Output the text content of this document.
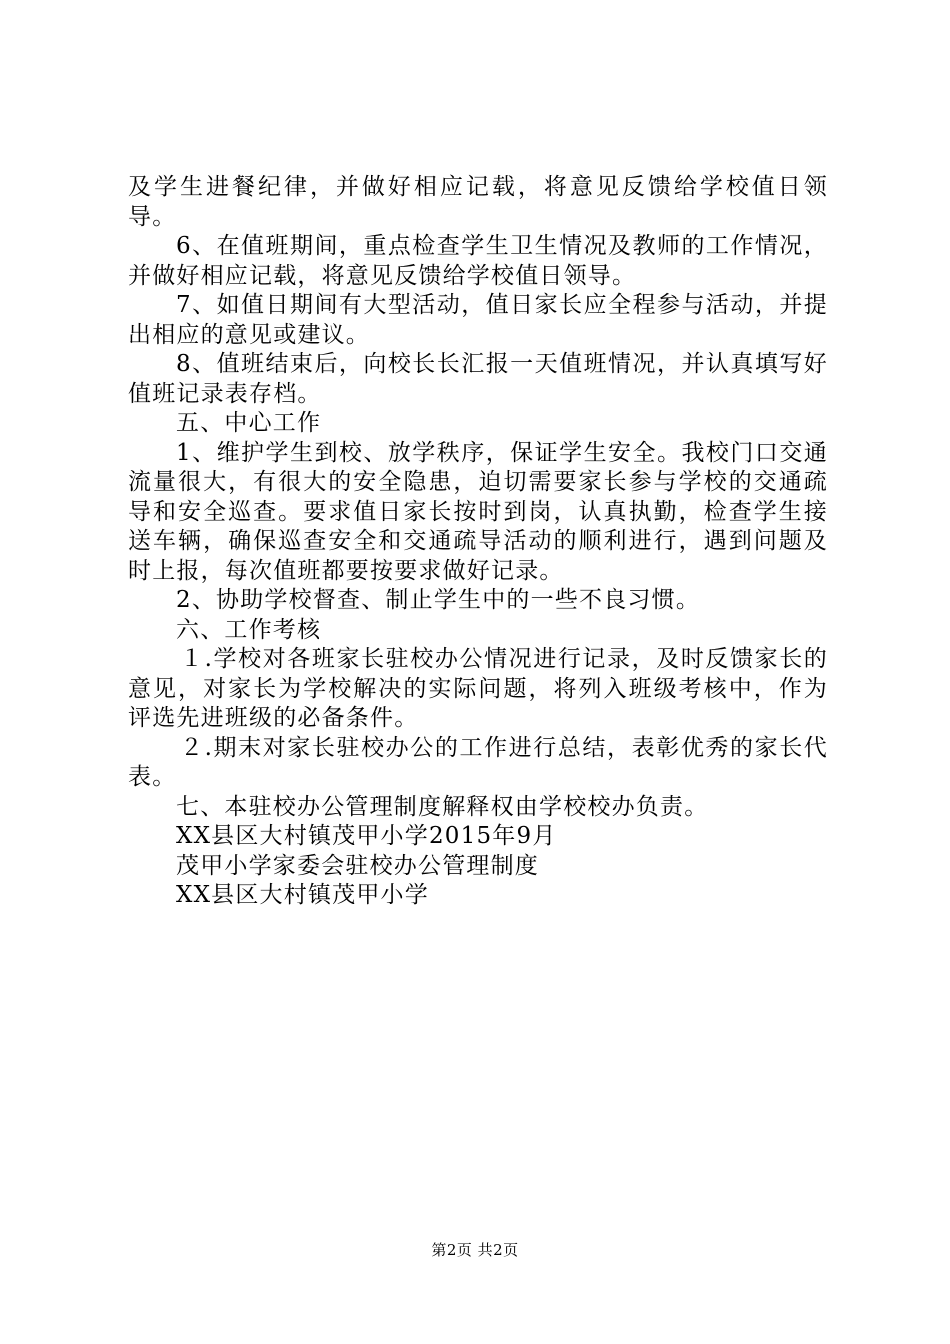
及学生进餐纪律，并做好相应记载，将意见反馈给学校值日领导。

6、在值班期间，重点检查学生卫生情况及教师的工作情况，并做好相应记载，将意见反馈给学校值日领导。

7、如值日期间有大型活动，值日家长应全程参与活动，并提出相应的意见或建议。

8、值班结束后，向校长长汇报一天值班情况，并认真填写好值班记录表存档。

五、中心工作

1、维护学生到校、放学秩序，保证学生安全。我校门口交通流量很大，有很大的安全隐患，迫切需要家长参与学校的交通疏导和安全巡查。要求值日家长按时到岗，认真执勤，检查学生接送车辆，确保巡查安全和交通疏导活动的顺利进行，遇到问题及时上报，每次值班都要按要求做好记录。

2、协助学校督查、制止学生中的一些不良习惯。

六、工作考核

１.学校对各班家长驻校办公情况进行记录，及时反馈家长的意见，对家长为学校解决的实际问题，将列入班级考核中，作为评选先进班级的必备条件。

２.期末对家长驻校办公的工作进行总结，表彰优秀的家长代表。

七、本驻校办公管理制度解释权由学校校办负责。

XX县区大村镇茂甲小学2015年9月

茂甲小学家委会驻校办公管理制度

XX县区大村镇茂甲小学

第2页 共2页
